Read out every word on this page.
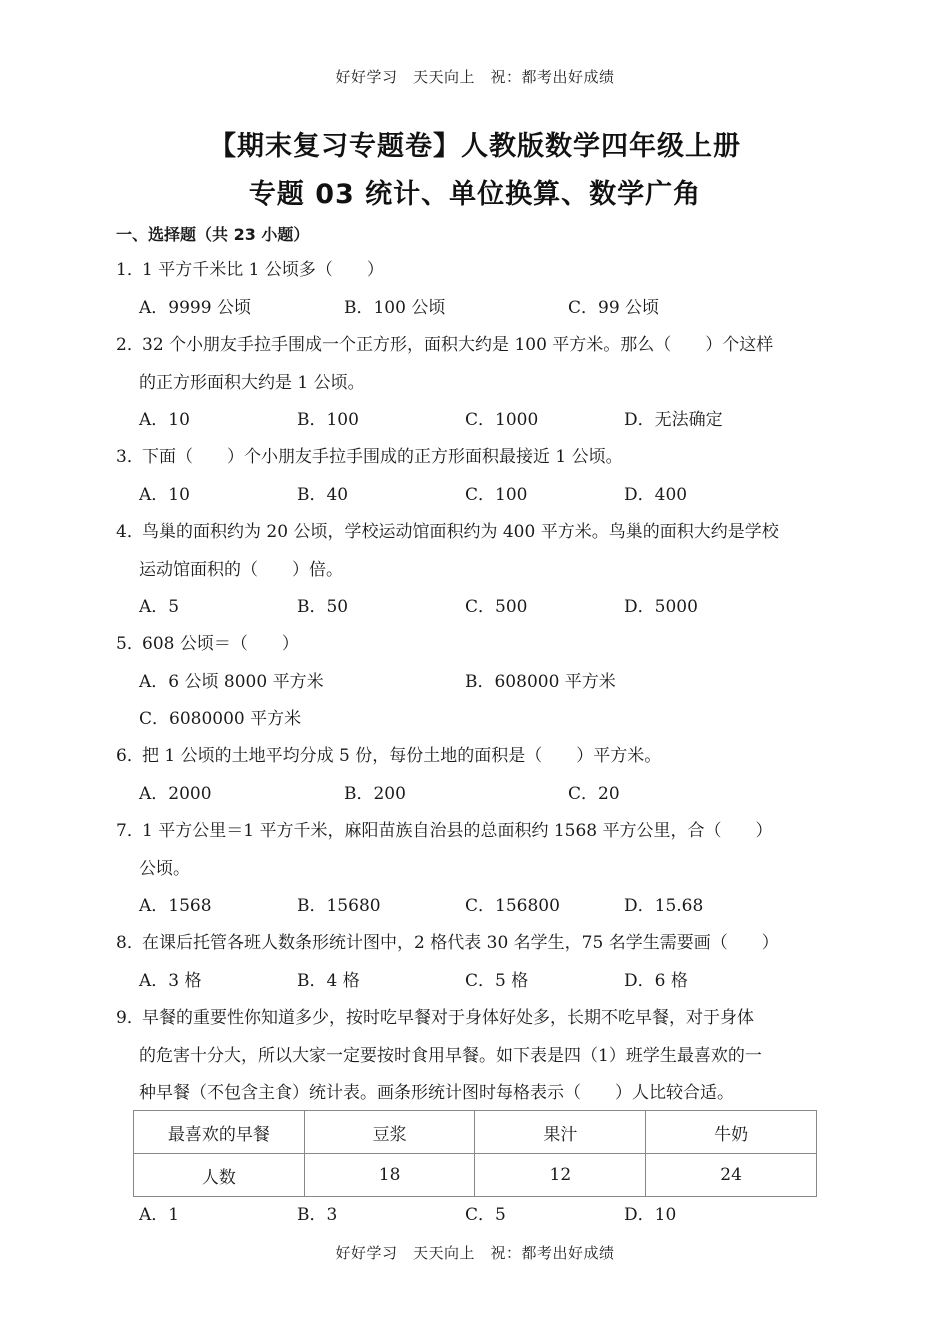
好好学习　天天向上　祝：都考出好成绩
【期末复习专题卷】人教版数学四年级上册
专题 03 统计、单位换算、数学广角
一、选择题（共 23 小题）
1．
1 平方千米比 1 公顷多（　　）
A．9999 公顷	B．100 公顷	C．99 公顷
2．
32 个小朋友手拉手围成一个正方形，面积大约是 100 平方米。那么（　　）个这样
的正方形面积大约是 1 公顷。
A．10	B．100	C．1000	D．无法确定
3．
下面（　　）个小朋友手拉手围成的正方形面积最接近 1 公顷。
A．10	B．40	C．100	D．400
4．
鸟巢的面积约为 20 公顷，学校运动馆面积约为 400 平方米。鸟巢的面积大约是学校
运动馆面积的（　　）倍。
A．5	B．50	C．500	D．5000
5．
608 公顷＝（　　）
A．6 公顷 8000 平方米	B．608000 平方米
C．6080000 平方米
6．
把 1 公顷的土地平均分成 5 份，每份土地的面积是（　　）平方米。
A．2000	B．200	C．20
7．
1 平方公里＝1 平方千米，麻阳苗族自治县的总面积约 1568 平方公里，合（　　）
公顷。
A．1568	B．15680	C．156800	D．15.68
8．
在课后托管各班人数条形统计图中，2 格代表 30 名学生，75 名学生需要画（　　）
A．3 格	B．4 格	C．5 格	D．6 格
9．
早餐的重要性你知道多少，按时吃早餐对于身体好处多，长期不吃早餐，对于身体
的危害十分大，所以大家一定要按时食用早餐。如下表是四（1）班学生最喜欢的一
种早餐（不包含主食）统计表。画条形统计图时每格表示（　　）人比较合适。
最喜欢的早餐	豆浆	果汁	牛奶
人数	18	12	24
A．1	B．3	C．5	D．10
好好学习　天天向上　祝：都考出好成绩
